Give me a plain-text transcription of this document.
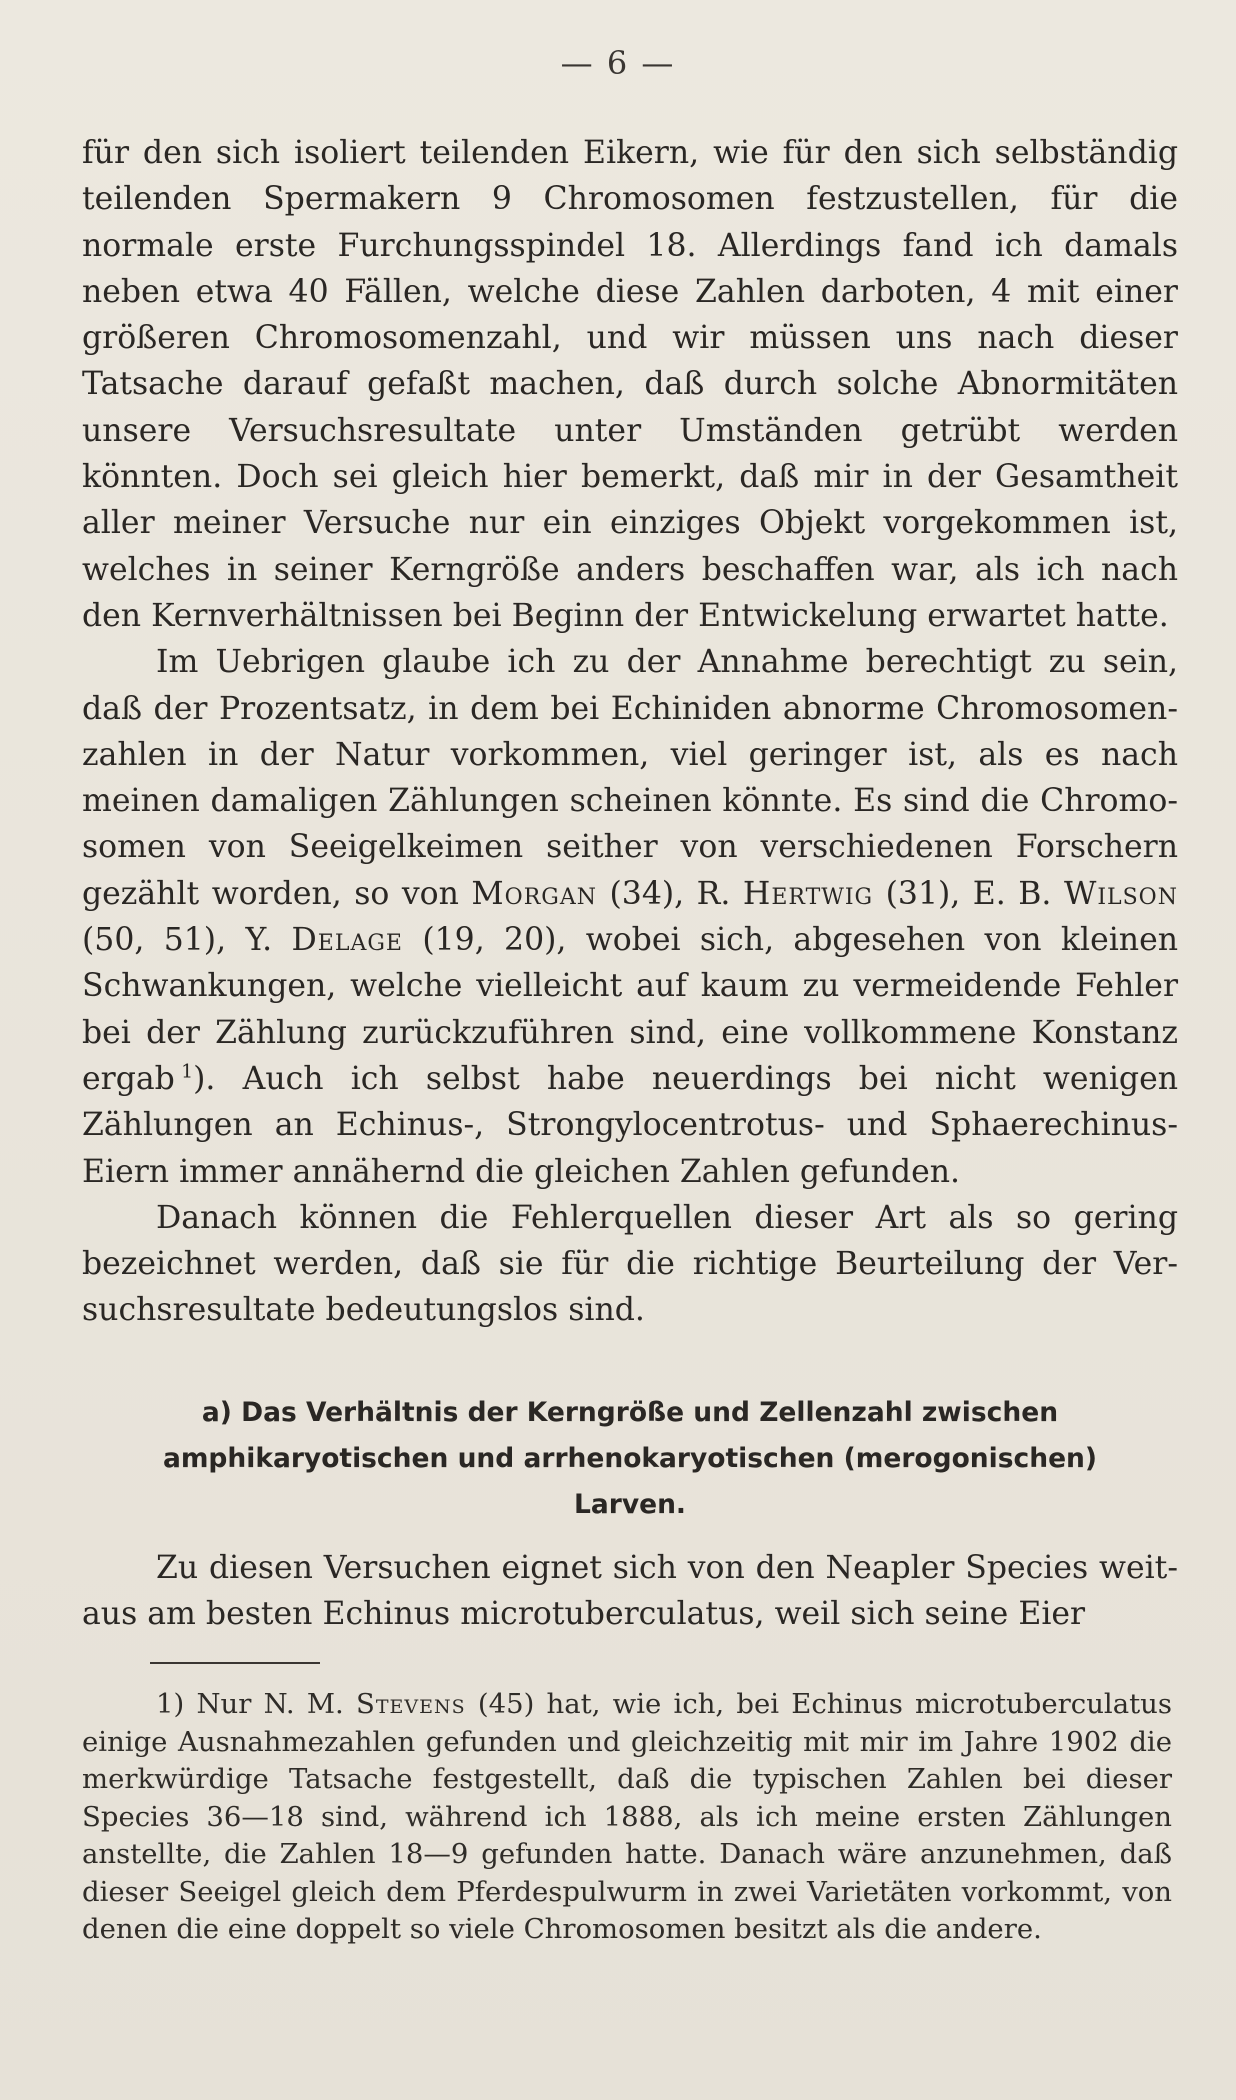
— 6 —

für den sich isoliert teilenden Eikern, wie für den sich selbständig teilenden Spermakern 9 Chromosomen festzustellen, für die normale erste Furchungsspindel 18. Allerdings fand ich damals neben etwa 40 Fällen, welche diese Zahlen darboten, 4 mit einer größeren Chromosomenzahl, und wir müssen uns nach dieser Tatsache darauf gefaßt machen, daß durch solche Abnormitäten unsere Versuchsresultate unter Umständen getrübt werden könnten. Doch sei gleich hier bemerkt, daß mir in der Gesamtheit aller meiner Versuche nur ein einziges Objekt vorgekommen ist, welches in seiner Kerngröße anders beschaffen war, als ich nach den Kernverhältnissen bei Beginn der Entwickelung erwartet hatte.

Im Uebrigen glaube ich zu der Annahme berechtigt zu sein, daß der Prozentsatz, in dem bei Echiniden abnorme Chromosomenzahlen in der Natur vorkommen, viel geringer ist, als es nach meinen damaligen Zählungen scheinen könnte. Es sind die Chromosomen von Seeigelkeimen seither von verschiedenen Forschern gezählt worden, so von Morgan (34), R. Hertwig (31), E. B. Wilson (50, 51), Y. Delage (19, 20), wobei sich, abgesehen von kleinen Schwankungen, welche vielleicht auf kaum zu vermeidende Fehler bei der Zählung zurückzuführen sind, eine vollkommene Konstanz ergab  $^1$). Auch ich selbst habe neuerdings bei nicht wenigen Zählungen an Echinus-, Strongylocentrotus- und Sphaerechinus-Eiern immer annähernd die gleichen Zahlen gefunden.

Danach können die Fehlerquellen dieser Art als so gering bezeichnet werden, daß sie für die richtige Beurteilung der Versuchsresultate bedeutungslos sind.

a) Das Verhältnis der Kerngröße und Zellenzahl zwischen
amphikaryotischen und arrhenokaryotischen (merogonischen)
Larven.

Zu diesen Versuchen eignet sich von den Neapler Species weitaus am besten Echinus microtuberculatus, weil sich seine Eier

1) Nur N. M. Stevens (45) hat, wie ich, bei Echinus microtuberculatus einige Ausnahmezahlen gefunden und gleichzeitig mit mir im Jahre 1902 die merkwürdige Tatsache festgestellt, daß die typischen Zahlen bei dieser Species 36—18 sind, während ich 1888, als ich meine ersten Zählungen anstellte, die Zahlen 18—9 gefunden hatte. Danach wäre anzunehmen, daß dieser Seeigel gleich dem Pferdespulwurm in zwei Varietäten vorkommt, von denen die eine doppelt so viele Chromosomen besitzt als die andere.
